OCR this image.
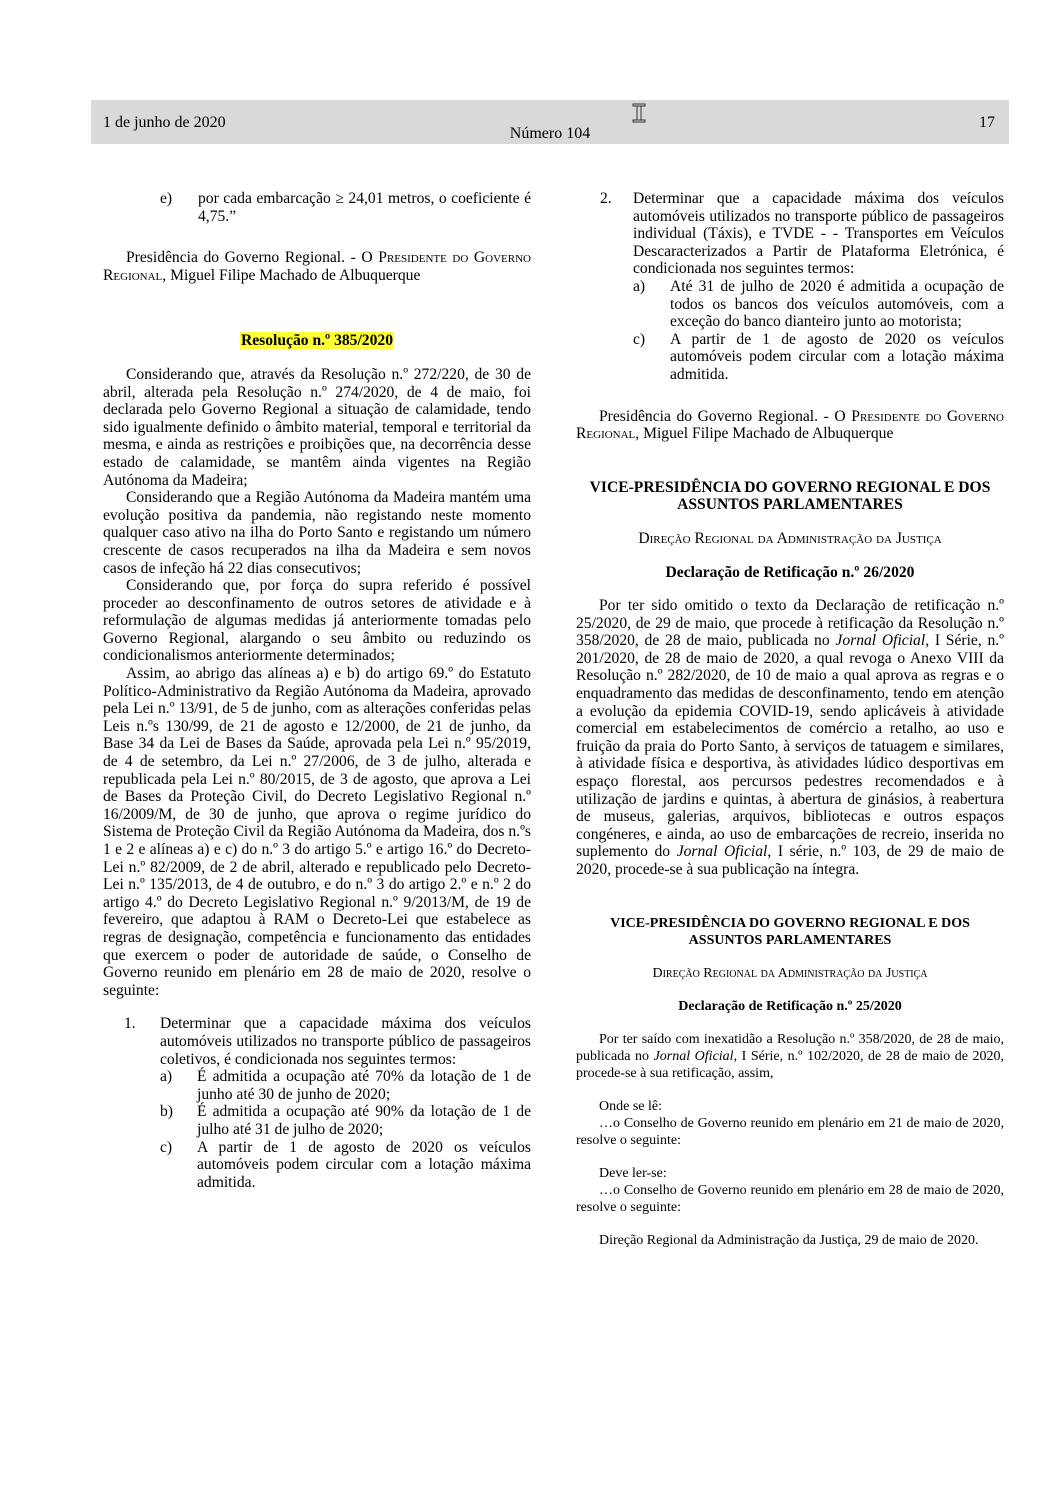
1 de junho de 2020
Número 104
17
e)	por cada embarcação ≥ 24,01 metros, o coeficiente é 4,75.”

Presidência do Governo Regional. - O Presidente do Governo Regional, Miguel Filipe Machado de Albuquerque

Resolução n.º 385/2020

Considerando que, através da Resolução n.º 272/220, de 30 de abril, alterada pela Resolução n.º 274/2020, de 4 de maio, foi declarada pelo Governo Regional a situação de calamidade, tendo sido igualmente definido o âmbito material, temporal e territorial da mesma, e ainda as restrições e proibições que, na decorrência desse estado de calamidade, se mantêm ainda vigentes na Região Autónoma da Madeira;

Considerando que a Região Autónoma da Madeira mantém uma evolução positiva da pandemia, não registando neste momento qualquer caso ativo na ilha do Porto Santo e registando um número crescente de casos recuperados na ilha da Madeira e sem novos casos de infeção há 22 dias consecutivos;

Considerando que, por força do supra referido é possível proceder ao desconfinamento de outros setores de atividade e à reformulação de algumas medidas já anteriormente tomadas pelo Governo Regional, alargando o seu âmbito ou reduzindo os condicionalismos anteriormente determinados;

Assim, ao abrigo das alíneas a) e b) do artigo 69.º do Estatuto Político-Administrativo da Região Autónoma da Madeira, aprovado pela Lei n.º 13/91, de 5 de junho, com as alterações conferidas pelas Leis n.ºs 130/99, de 21 de agosto e 12/2000, de 21 de junho, da Base 34 da Lei de Bases da Saúde, aprovada pela Lei n.º 95/2019, de 4 de setembro, da Lei n.º 27/2006, de 3 de julho, alterada e republicada pela Lei n.º 80/2015, de 3 de agosto, que aprova a Lei de Bases da Proteção Civil, do Decreto Legislativo Regional n.º 16/2009/M, de 30 de junho, que aprova o regime jurídico do Sistema de Proteção Civil da Região Autónoma da Madeira, dos n.ºs 1 e 2 e alíneas a) e c) do n.º 3 do artigo 5.º e artigo 16.º do Decreto-Lei n.º 82/2009, de 2 de abril, alterado e republicado pelo Decreto-Lei n.º 135/2013, de 4 de outubro, e do n.º 3 do artigo 2.º e n.º 2 do artigo 4.º do Decreto Legislativo Regional n.º 9/2013/M, de 19 de fevereiro, que adaptou à RAM o Decreto-Lei que estabelece as regras de designação, competência e funcionamento das entidades que exercem o poder de autoridade de saúde, o Conselho de Governo reunido em plenário em 28 de maio de 2020, resolve o seguinte:

1.	Determinar que a capacidade máxima dos veículos automóveis utilizados no transporte público de passageiros coletivos, é condicionada nos seguintes termos:
a)	É admitida a ocupação até 70% da lotação de 1 de junho até 30 de junho de 2020;
b)	É admitida a ocupação até 90% da lotação de 1 de julho até 31 de julho de 2020;
c)	A partir de 1 de agosto de 2020 os veículos automóveis podem circular com a lotação máxima admitida.
2.	Determinar que a capacidade máxima dos veículos automóveis utilizados no transporte público de passageiros individual (Táxis), e TVDE - - Transportes em Veículos Descaracterizados a Partir de Plataforma Eletrónica, é condicionada nos seguintes termos:
a)	Até 31 de julho de 2020 é admitida a ocupação de todos os bancos dos veículos automóveis, com a exceção do banco dianteiro junto ao motorista;
c)	A partir de 1 de agosto de 2020 os veículos automóveis podem circular com a lotação máxima admitida.

Presidência do Governo Regional. - O Presidente do Governo Regional, Miguel Filipe Machado de Albuquerque

VICE-PRESIDÊNCIA DO GOVERNO REGIONAL E DOS ASSUNTOS PARLAMENTARES

Direção Regional da Administração da Justiça

Declaração de Retificação n.º 26/2020

Por ter sido omitido o texto da Declaração de retificação n.º 25/2020, de 29 de maio, que procede à retificação da Resolução n.º 358/2020, de 28 de maio, publicada no Jornal Oficial, I Série, n.º 201/2020, de 28 de maio de 2020, a qual revoga o Anexo VIII da Resolução n.º 282/2020, de 10 de maio a qual aprova as regras e o enquadramento das medidas de desconfinamento, tendo em atenção a evolução da epidemia COVID-19, sendo aplicáveis à atividade comercial em estabelecimentos de comércio a retalho, ao uso e fruição da praia do Porto Santo, à serviços de tatuagem e similares, à atividade física e desportiva, às atividades lúdico desportivas em espaço florestal, aos percursos pedestres recomendados e à utilização de jardins e quintas, à abertura de ginásios, à reabertura de museus, galerias, arquivos, bibliotecas e outros espaços congéneres, e ainda, ao uso de embarcações de recreio, inserida no suplemento do Jornal Oficial, I série, n.º 103, de 29 de maio de 2020, procede-se à sua publicação na íntegra.

VICE-PRESIDÊNCIA DO GOVERNO REGIONAL E DOS ASSUNTOS PARLAMENTARES

Direção Regional da Administração da Justiça

Declaração de Retificação n.º 25/2020

Por ter saído com inexatidão a Resolução n.º 358/2020, de 28 de maio, publicada no Jornal Oficial, I Série, n.º 102/2020, de 28 de maio de 2020, procede-se à sua retificação, assim,

Onde se lê:

…o Conselho de Governo reunido em plenário em 21 de maio de 2020, resolve o seguinte:

Deve ler-se:

…o Conselho de Governo reunido em plenário em 28 de maio de 2020, resolve o seguinte:

Direção Regional da Administração da Justiça, 29 de maio de 2020.
